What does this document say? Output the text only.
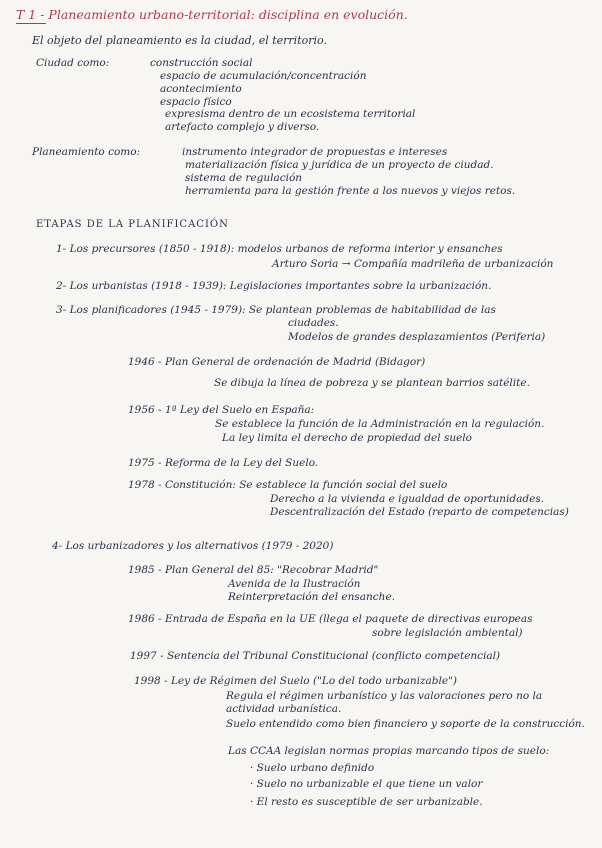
T 1 - Planeamiento urbano-territorial: disciplina en evolución.
El objeto del planeamiento es la ciudad, el territorio.
Ciudad como:	construcción social
espacio de acumulación/concentración
acontecimiento
espacio físico
expresisma dentro de un ecosistema territorial
artefacto complejo y diverso.
Planeamiento como:	instrumento integrador de propuestas e intereses
materialización física y jurídica de un proyecto de ciudad.
sistema de regulación
herramienta para la gestión frente a los nuevos y viejos retos.
ETAPAS DE LA PLANIFICACIÓN
1- Los precursores (1850 - 1918): modelos urbanos de reforma interior y ensanches
Arturo Soria → Compañía madrileña de urbanización
2- Los urbanistas (1918 - 1939): Legislaciones importantes sobre la urbanización.
3- Los planificadores (1945 - 1979): Se plantean problemas de habitabilidad de las
ciudades.
Modelos de grandes desplazamientos (Periferia)
1946 - Plan General de ordenación de Madrid (Bidagor)
Se dibuja la línea de pobreza y se plantean barrios satélite.
1956 - 1ª Ley del Suelo en España:
Se establece la función de la Administración en la regulación.
La ley limita el derecho de propiedad del suelo
1975 - Reforma de la Ley del Suelo.
1978 - Constitución: Se establece la función social del suelo
Derecho a la vivienda e igualdad de oportunidades.
Descentralización del Estado (reparto de competencias)
4- Los urbanizadores y los alternativos (1979 - 2020)
1985 - Plan General del 85: "Recobrar Madrid"
Avenida de la Ilustración
Reinterpretación del ensanche.
1986 - Entrada de España en la UE (llega el paquete de directivas europeas
sobre legislación ambiental)
1997 - Sentencia del Tribunal Constitucional (conflicto competencial)
1998 - Ley de Régimen del Suelo ("Lo del todo urbanizable")
Regula el régimen urbanístico y las valoraciones pero no la
actividad urbanística.
Suelo entendido como bien financiero y soporte de la construcción.
Las CCAA legislan normas propias marcando tipos de suelo:
· Suelo urbano definido
· Suelo no urbanizable el que tiene un valor
· El resto es susceptible de ser urbanizable.
